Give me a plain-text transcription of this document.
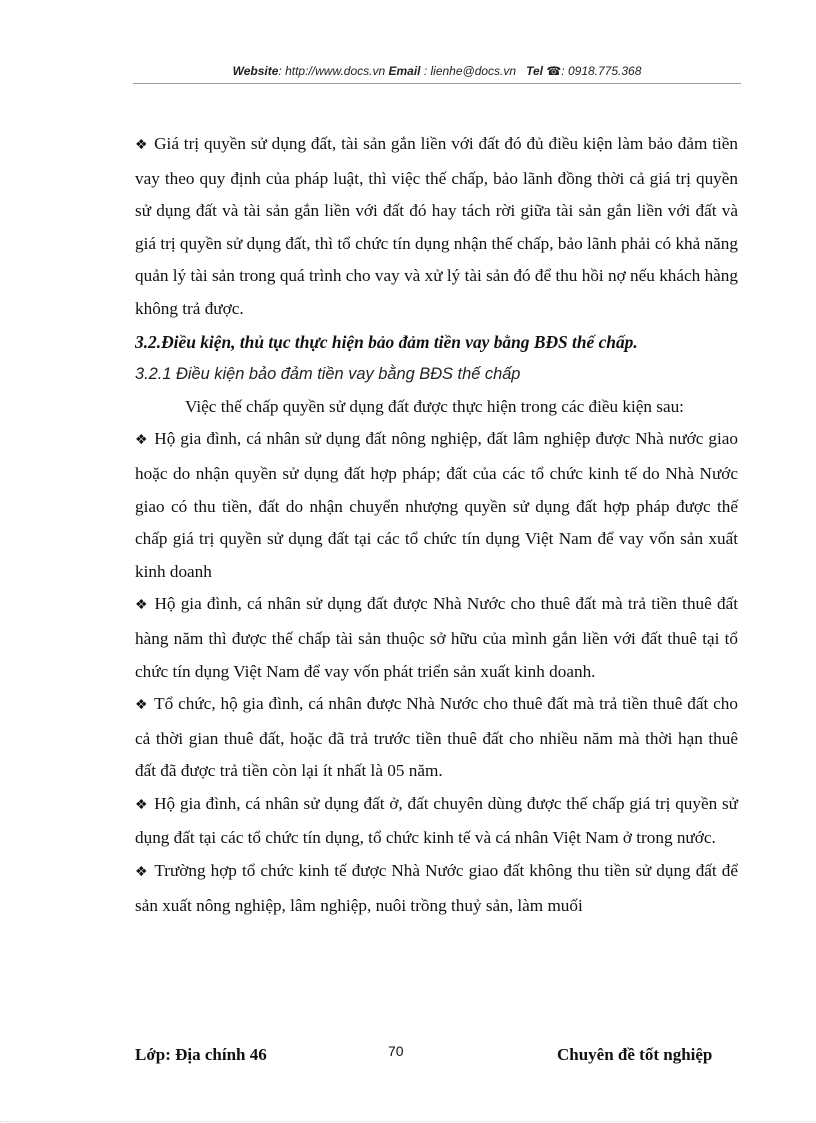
Website: http://www.docs.vn Email : lienhe@docs.vn Tel ☎: 0918.775.368

❖ Giá trị quyền sử dụng đất, tài sản gắn liền với đất đó đủ điều kiện làm bảo đảm tiền vay theo quy định của pháp luật, thì việc thế chấp, bảo lãnh đồng thời cả giá trị quyền sử dụng đất và tài sản gắn liền với đất đó hay tách rời giữa tài sản gắn liền với đất và giá trị quyền sử dụng đất, thì tổ chức tín dụng nhận thế chấp, bảo lãnh phải có khả năng quản lý tài sản trong quá trình cho vay và xử lý tài sản đó để thu hồi nợ nếu khách hàng không trả được.

3.2.Điều kiện, thủ tục thực hiện bảo đảm tiền vay bằng BĐS thế chấp.

3.2.1 Điều kiện bảo đảm tiền vay bằng BĐS thế chấp

Việc thế chấp quyền sử dụng đất được thực hiện trong các điều kiện sau:

❖ Hộ gia đình, cá nhân sử dụng đất nông nghiệp, đất lâm nghiệp được Nhà nước giao hoặc do nhận quyền sử dụng đất hợp pháp; đất của các tổ chức kinh tế do Nhà Nước giao có thu tiền, đất do nhận chuyển nhượng quyền sử dụng đất hợp pháp được thế chấp giá trị quyền sử dụng đất tại các tổ chức tín dụng Việt Nam để vay vốn sản xuất kinh doanh

❖ Hộ gia đình, cá nhân sử dụng đất được Nhà Nước cho thuê đất mà trả tiền thuê đất hàng năm thì được thế chấp tài sản thuộc sở hữu của mình gắn liền với đất thuê tại tổ chức tín dụng Việt Nam để vay vốn phát triển sản xuất kinh doanh.

❖ Tổ chức, hộ gia đình, cá nhân được Nhà Nước cho thuê đất mà trả tiền thuê đất cho cả thời gian thuê đất, hoặc đã trả trước tiền thuê đất cho nhiều năm mà thời hạn thuê đất đã được trả tiền còn lại ít nhất là 05 năm.

❖ Hộ gia đình, cá nhân sử dụng đất ở, đất chuyên dùng được thế chấp giá trị quyền sử dụng đất tại các tổ chức tín dụng, tổ chức kinh tế và cá nhân Việt Nam ở trong nước.

❖ Trường hợp tổ chức kinh tế được Nhà Nước giao đất không thu tiền sử dụng đất để sản xuất nông nghiệp, lâm nghiệp, nuôi trồng thuỷ sản, làm muối

Lớp: Địa chính 46	70	Chuyên đề tốt nghiệp
